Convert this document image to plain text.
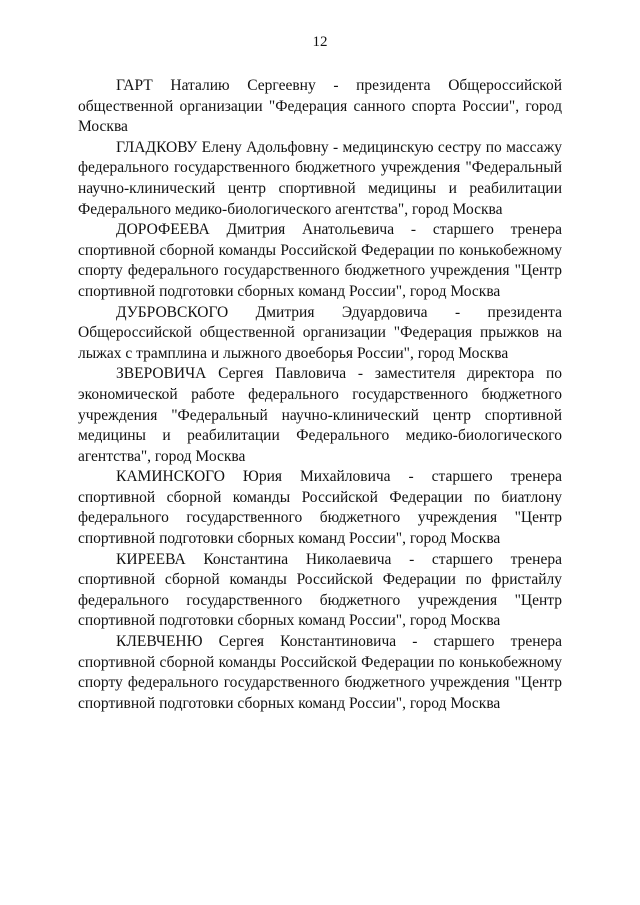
12

ГАРТ Наталию Сергеевну - президента Общероссийской общественной организации "Федерация санного спорта России", город Москва

ГЛАДКОВУ Елену Адольфовну - медицинскую сестру по массажу федерального государственного бюджетного учреждения "Федеральный научно-клинический центр спортивной медицины и реабилитации Федерального медико-биологического агентства", город Москва

ДОРОФЕЕВА Дмитрия Анатольевича - старшего тренера спортивной сборной команды Российской Федерации по конькобежному спорту федерального государственного бюджетного учреждения "Центр спортивной подготовки сборных команд России", город Москва

ДУБРОВСКОГО Дмитрия Эдуардовича - президента Общероссийской общественной организации "Федерация прыжков на лыжах с трамплина и лыжного двоеборья России", город Москва

ЗВЕРОВИЧА Сергея Павловича - заместителя директора по экономической работе федерального государственного бюджетного учреждения "Федеральный научно-клинический центр спортивной медицины и реабилитации Федерального медико-биологического агентства", город Москва

КАМИНСКОГО Юрия Михайловича - старшего тренера спортивной сборной команды Российской Федерации по биатлону федерального государственного бюджетного учреждения "Центр спортивной подготовки сборных команд России", город Москва

КИРЕЕВА Константина Николаевича - старшего тренера спортивной сборной команды Российской Федерации по фристайлу федерального государственного бюджетного учреждения "Центр спортивной подготовки сборных команд России", город Москва

КЛЕВЧЕНЮ Сергея Константиновича - старшего тренера спортивной сборной команды Российской Федерации по конькобежному спорту федерального государственного бюджетного учреждения "Центр спортивной подготовки сборных команд России", город Москва
